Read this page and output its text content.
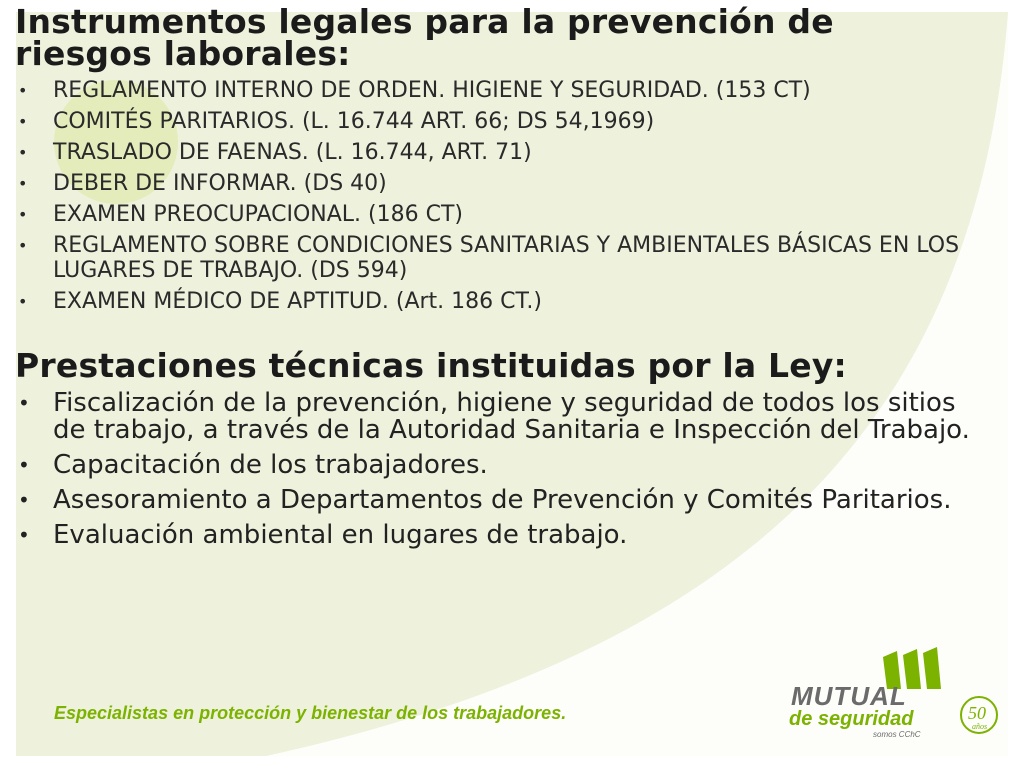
Instrumentos legales para la prevención de riesgos laborales:
• REGLAMENTO INTERNO DE ORDEN. HIGIENE Y SEGURIDAD. (153 CT)
• COMITÉS PARITARIOS. (L. 16.744 ART. 66; DS 54,1969)
• TRASLADO DE FAENAS. (L. 16.744, ART. 71)
• DEBER DE INFORMAR. (DS 40)
• EXAMEN PREOCUPACIONAL. (186 CT)
• REGLAMENTO SOBRE CONDICIONES SANITARIAS Y AMBIENTALES BÁSICAS EN LOS LUGARES DE TRABAJO. (DS 594)
• EXAMEN MÉDICO DE APTITUD. (Art. 186 CT.)
Prestaciones técnicas instituidas por la Ley:
• Fiscalización de la prevención, higiene y seguridad de todos los sitios de trabajo, a través de la Autoridad Sanitaria e Inspección del Trabajo.
• Capacitación de los trabajadores.
• Asesoramiento a Departamentos de Prevención y Comités Paritarios.
• Evaluación ambiental en lugares de trabajo.
Especialistas en protección y bienestar de los trabajadores.
MUTUAL
de seguridad
somos CChC
50
años
